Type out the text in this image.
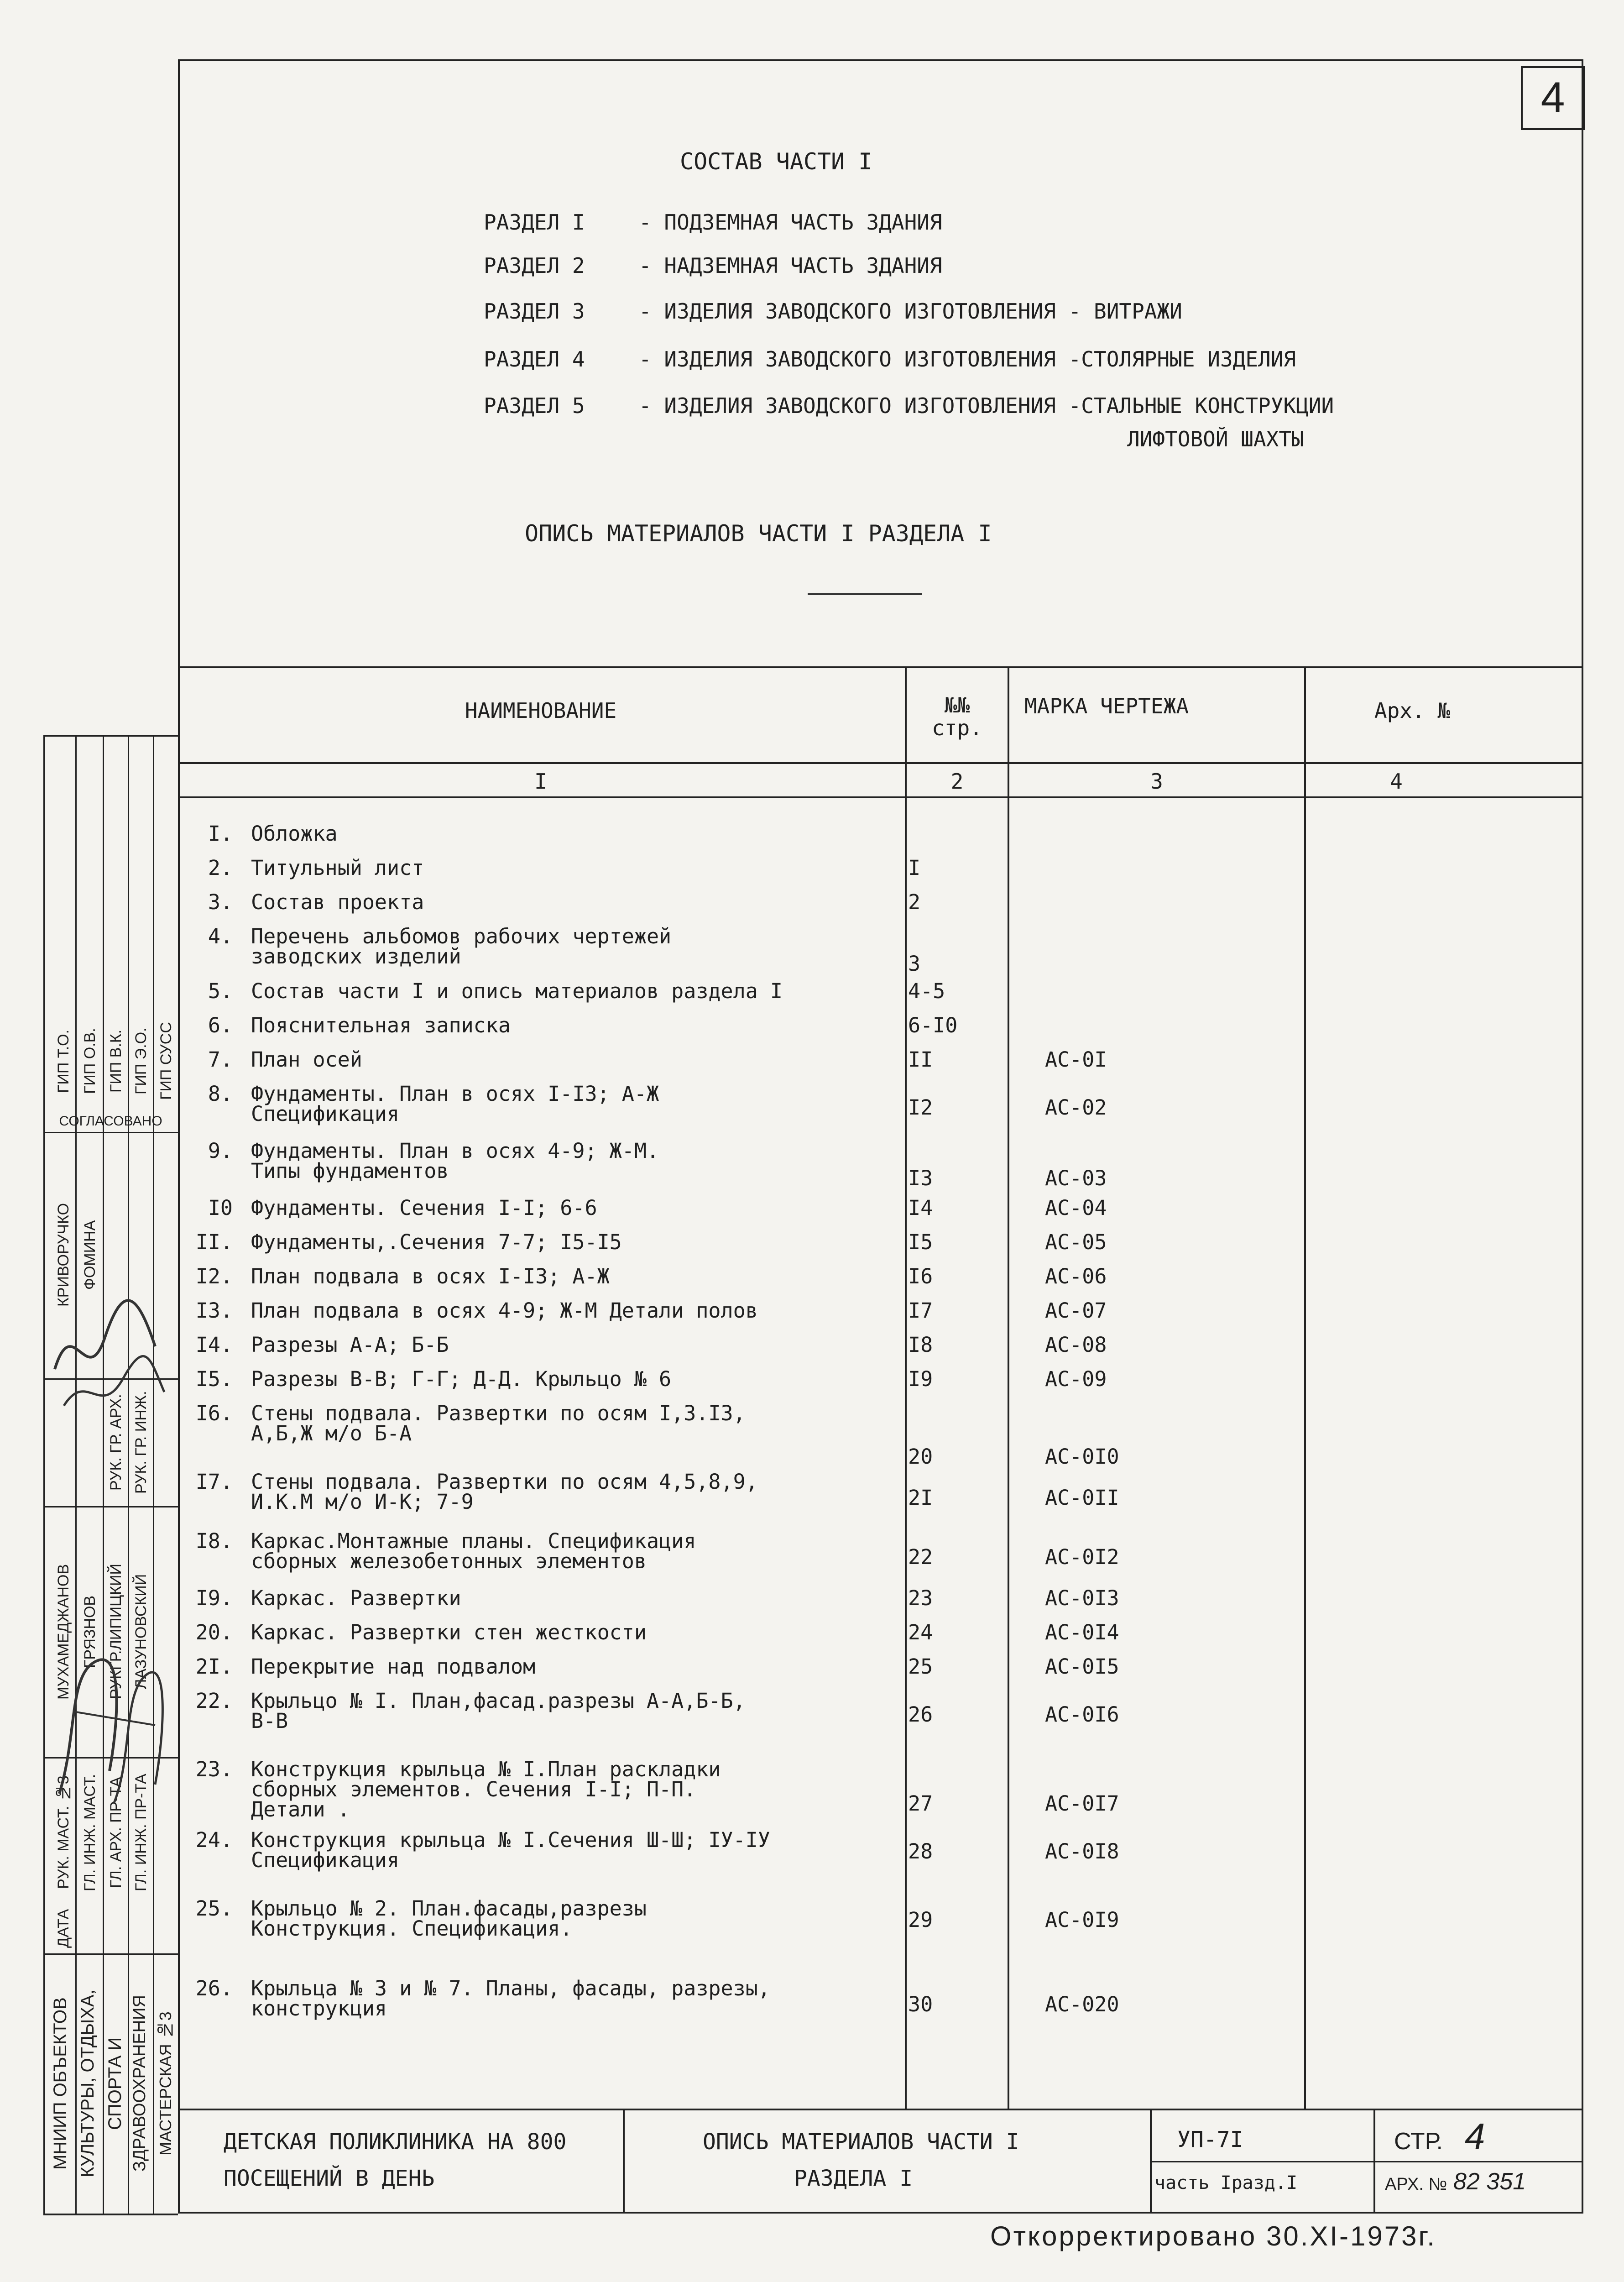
4
СОСТАВ ЧАСТИ I
РАЗДЕЛ I	- ПОДЗЕМНАЯ ЧАСТЬ ЗДАНИЯ
РАЗДЕЛ 2	- НАДЗЕМНАЯ ЧАСТЬ ЗДАНИЯ
РАЗДЕЛ 3	- ИЗДЕЛИЯ ЗАВОДСКОГО ИЗГОТОВЛЕНИЯ - ВИТРАЖИ
РАЗДЕЛ 4	- ИЗДЕЛИЯ ЗАВОДСКОГО ИЗГОТОВЛЕНИЯ -СТОЛЯРНЫЕ ИЗДЕЛИЯ
РАЗДЕЛ 5	- ИЗДЕЛИЯ ЗАВОДСКОГО ИЗГОТОВЛЕНИЯ -СТАЛЬНЫЕ КОНСТРУКЦИИ
ЛИФТОВОЙ ШАХТЫ
ОПИСЬ МАТЕРИАЛОВ ЧАСТИ I РАЗДЕЛА I
НАИМЕНОВАНИЕ	№№
стр.
МАРКА ЧЕРТЕЖА	Арх. №
I	2	3	4
I. Обложка
2. Титульный лист	I
3. Состав проекта	2
4. Перечень альбомов рабочих чертежей
заводских изделий	3
5. Состав части I и опись материалов раздела I	4-5
6. Пояснительная записка	6-I0
7. План осей	II	АС-0I
8. Фундаменты. План в осях I-I3; А-Ж
Спецификация	I2	АС-02
9. Фундаменты. План в осях 4-9; Ж-М.
Типы фундаментов	I3	АС-03
I0 Фундаменты. Сечения I-I; 6-6	I4	АС-04
II. Фундаменты,.Сечения 7-7; I5-I5	I5	АС-05
I2. План подвала в осях I-I3; А-Ж	I6	АС-06
I3. План подвала в осях 4-9; Ж-М Детали полов	I7	АС-07
I4. Разрезы А-А; Б-Б	I8	АС-08
I5. Разрезы В-В; Г-Г; Д-Д. Крыльцо № 6	I9	АС-09
I6. Стены подвала. Развертки по осям I,3.I3,
А,Б,Ж м/о Б-А
20	АС-0I0
I7. Стены подвала. Развертки по осям 4,5,8,9,
И.К.М м/о И-К; 7-9	2I	АС-0II
I8. Каркас.Монтажные планы. Спецификация
сборных железобетонных элементов	22	АС-0I2
I9. Каркас. Развертки	23	АС-0I3
20. Каркас. Развертки стен жесткости	24	АС-0I4
2I. Перекрытие над подвалом	25	АС-0I5
22. Крыльцо № I. План,фасад.разрезы А-А,Б-Б,
В-В	26	АС-0I6
23. Конструкция крыльца № I.План раскладки
сборных элементов. Сечения I-I; П-П.
Детали .	27	АС-0I7
24. Конструкция крыльца № I.Сечения Ш-Ш; IУ-IУ
Спецификация	28	АС-0I8
25. Крыльцо № 2. План.фасады,разрезы
Конструкция. Спецификация.	29	АС-0I9
26. Крыльца № 3 и № 7. Планы, фасады, разрезы,
конструкция	30	АС-020
ДЕТСКАЯ ПОЛИКЛИНИКА НА 800
ПОСЕЩЕНИЙ В ДЕНЬ
ОПИСЬ МАТЕРИАЛОВ ЧАСТИ I
РАЗДЕЛА I
УП-7I
часть Iразд.I
СТР. 4
АРХ. № 82 351
ГИП Т.О. ГИП О.В. ГИП В.К. ГИП Э.О. ГИП СУСС
СОГЛАСОВАНО
КРИВОРУЧКО ФОМИНА
РУК. ГР. АРХ. РУК. ГР. ИНЖ.
МУХАМЕДЖАНОВ ГРЯЗНОВ РУКГР.ЛИПИЦКИЙ ЛАЗУНОВСКИЙ
РУК. МАСТ. №3 ГЛ. ИНЖ. МАСТ. ГЛ. АРХ. ПР-ТА ГЛ. ИНЖ. ПР-ТА
ДАТА
МНИИП ОБЪЕКТОВ КУЛЬТУРЫ, ОТДЫХА, СПОРТА И ЗДРАВООХРАНЕНИЯ МАСТЕРСКАЯ №3
Откорректировано 30.XI-1973г.
